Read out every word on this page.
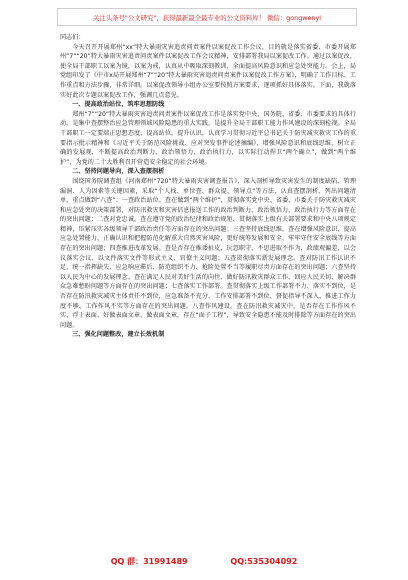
关注头条号"公文研究"，获得最新最全最专业的公文资料库！ 微信：gongwenyi

同志们：

今天召开开展郑州“xx”特大暴雨灾害追责问责案件以案促改工作会议，目的就是落实省委、市委开展郑州“7”“20”特大暴雨灾害追责问责案件以案促改工作会议精神，安排部署我局以案促改工作。通过以案促改，使全局干部职工以案为镜，以案为戒，认真从中吸取深刻教训，全面提高风险意识和应急处突能力。会上，局党组印发了《中市x局开展郑州“7”“20”特大暴雨灾害追责问责案件以案促改工作方案》，明确了工作目标、工作重点和方法步骤，非常详细。以案促改领导小组办公室要按照方案要求，逐项抓好具体落实。下面，我就落实好此次专题以案促改工作，强调几点意见。

一、提高政治站位，筑牢思想防线

郑州“7”“20”特大暴雨灾害追责问责案件以案促改工作是落实党中央、国务院、省委、市委要求的具体行动，是集中查摆整治应急管理领域风险隐患的重大实践，是提升全局干部职工能力作风建设的深刻检视。全局干部职工一定要端正思想态度，提高站位，提升认识，认真学习贯彻习近平总书记关于防灾减灾救灾工作的重要指示批示精神和《习近平关于防范风险挑战、应对突发事件论述摘编》，增强风险意识和底线思维，树立正确的发展观，不断提高政治判断力、政治领悟力、政治执行力，以实际行动捍卫“两个确立”，做到“两个维护”，为党的二十大胜利召开营造安全稳定的社会环境。

二、坚持问题导向，深入查摆剖析

围绕国务院调查组《河南郑州“720”特大暴雨灾害调查报告》，深入剖析导致灾害发生的制度缺陷、管理漏洞、人为因素等关键因素，采取“个人找、单位查、群众提、领导点”等方法，认真查摆剖析、列出问题清单，重点做到“八查”：一查政治站位。查在做到“两个维护”、贯彻落实党中央、省委、市委关于防灾救灾减灾和应急处突的决策部署，对防汛救灾和灾害信息报送工作的政治判断力、政治领悟力、政治执行力等方面存在的突出问题；二查对党忠诚。查在遵守党的政治纪律和政治规矩、贯彻落实上级有关部署要求和中央八项规定精神，压紧压实各级领导干部政治责任等方面存在的突出问题；三查坚持底线思维。查在增强风险意识，提高应急处置能力，正确认识和把握防范化解重大自然灾害风险，更好统筹发展和安全，牢牢守住安全底线等方面存在的突出问题；四查推进改革发展。查是否存在推诿扯皮、玩忽职守、不思进取不作为，政绩观偏差，以会议落实会议、以文件落实文件等形式主义、官僚主义问题；五查贯彻落实新发展理念。查对防汛工作认识不足，统一指挥缺失、应急响应滞后、防范组织不力、抢险处置不当等履职尽责方面存在的突出问题；六查坚持以人民为中心的发展理念。查在满足人民对美好生活的向往、做好防汛救灾群众工作，回应人民关切、解决群众急难愁盼问题等方面存在的突出问题；七查落实工作部署。查贯彻落实上级工作部署不力、落实不到位，是否存在防汛救灾减灾主体责任不到位，应急准备不充分、工作安排部署不到位、督促指导不深入、推进工作力度不够、工作作风不实等方面存在的突出问题。八查作风建设。查在防汛救灾减灾中，是否存在工作作风不实、浮于表面、好做表面文章、做表面文章，存在“面子工程”，导致安全隐患不能及时排除等方面存在的突出问题。

三、强化问题整改，建立长效机制

QQ 群：31991489	QQ:535304092
